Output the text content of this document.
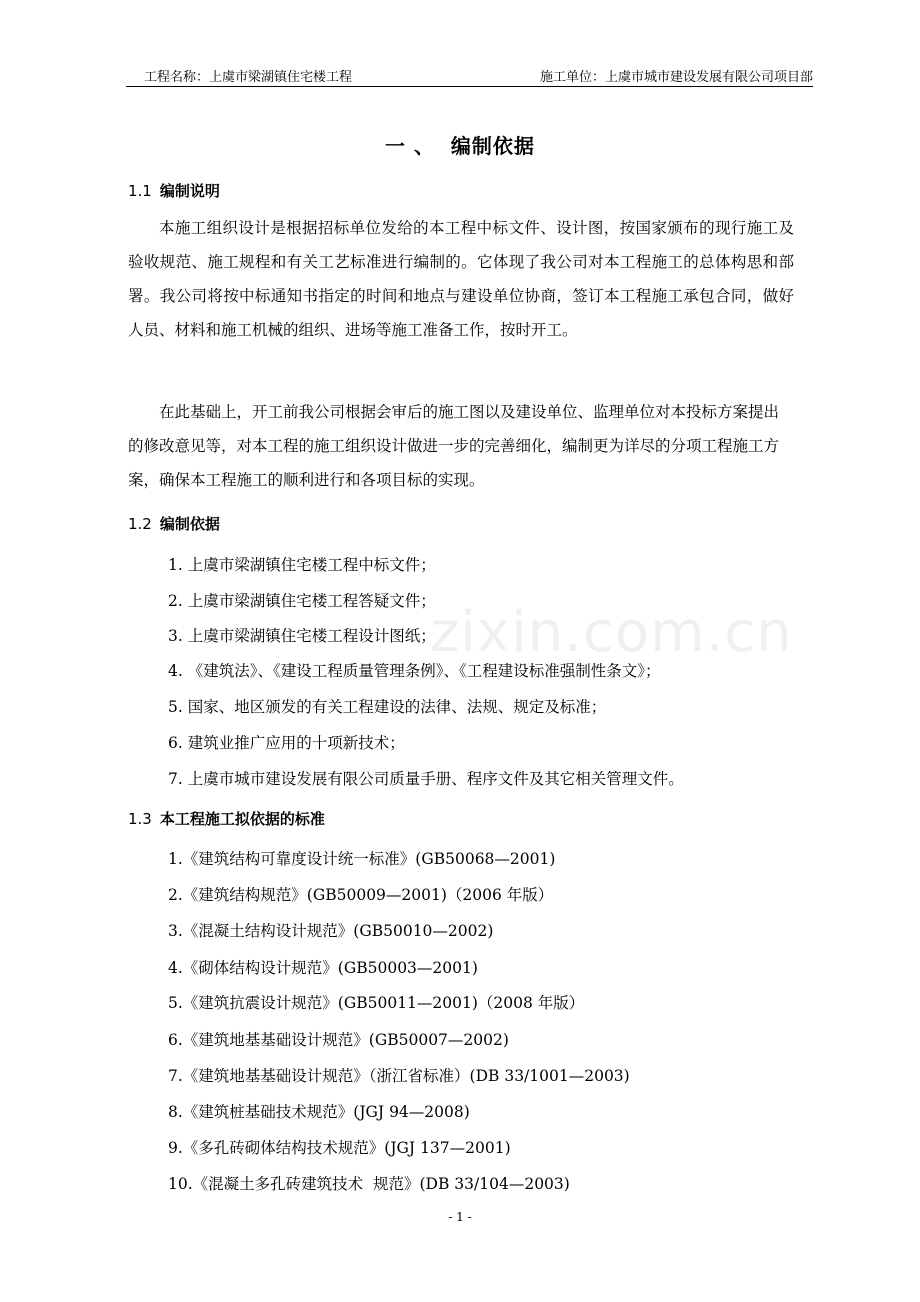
工程名称：上虞市梁湖镇住宅楼工程	施工单位：上虞市城市建设发展有限公司项目部
zixin.com.cn
一 、  编制依据
1.1 编制说明
本施工组织设计是根据招标单位发给的本工程中标文件、设计图，按国家颁布的现行施工及验收规范、施工规程和有关工艺标准进行编制的。它体现了我公司对本工程施工的总体构思和部署。我公司将按中标通知书指定的时间和地点与建设单位协商，签订本工程施工承包合同，做好人员、材料和施工机械的组织、进场等施工准备工作，按时开工。
在此基础上，开工前我公司根据会审后的施工图以及建设单位、监理单位对本投标方案提出的修改意见等，对本工程的施工组织设计做进一步的完善细化，编制更为详尽的分项工程施工方案，确保本工程施工的顺利进行和各项目标的实现。
1.2 编制依据
1. 上虞市梁湖镇住宅楼工程中标文件；
2. 上虞市梁湖镇住宅楼工程答疑文件；
3. 上虞市梁湖镇住宅楼工程设计图纸；
4. 《建筑法》、《建设工程质量管理条例》、《工程建设标准强制性条文》；
5. 国家、地区颁发的有关工程建设的法律、法规、规定及标准；
6. 建筑业推广应用的十项新技术；
7. 上虞市城市建设发展有限公司质量手册、程序文件及其它相关管理文件。
1.3 本工程施工拟依据的标准
1.《建筑结构可靠度设计统一标准》(GB50068—2001)
2.《建筑结构规范》(GB50009—2001)（2006 年版）
3.《混凝土结构设计规范》(GB50010—2002)
4.《砌体结构设计规范》(GB50003—2001)
5.《建筑抗震设计规范》(GB50011—2001)（2008 年版）
6.《建筑地基基础设计规范》(GB50007—2002)
7.《建筑地基基础设计规范》（浙江省标准）(DB 33/1001—2003)
8.《建筑桩基础技术规范》(JGJ 94—2008)
9.《多孔砖砌体结构技术规范》(JGJ 137—2001)
10.《混凝土多孔砖建筑技术  规范》(DB 33/104—2003)
- 1 -
